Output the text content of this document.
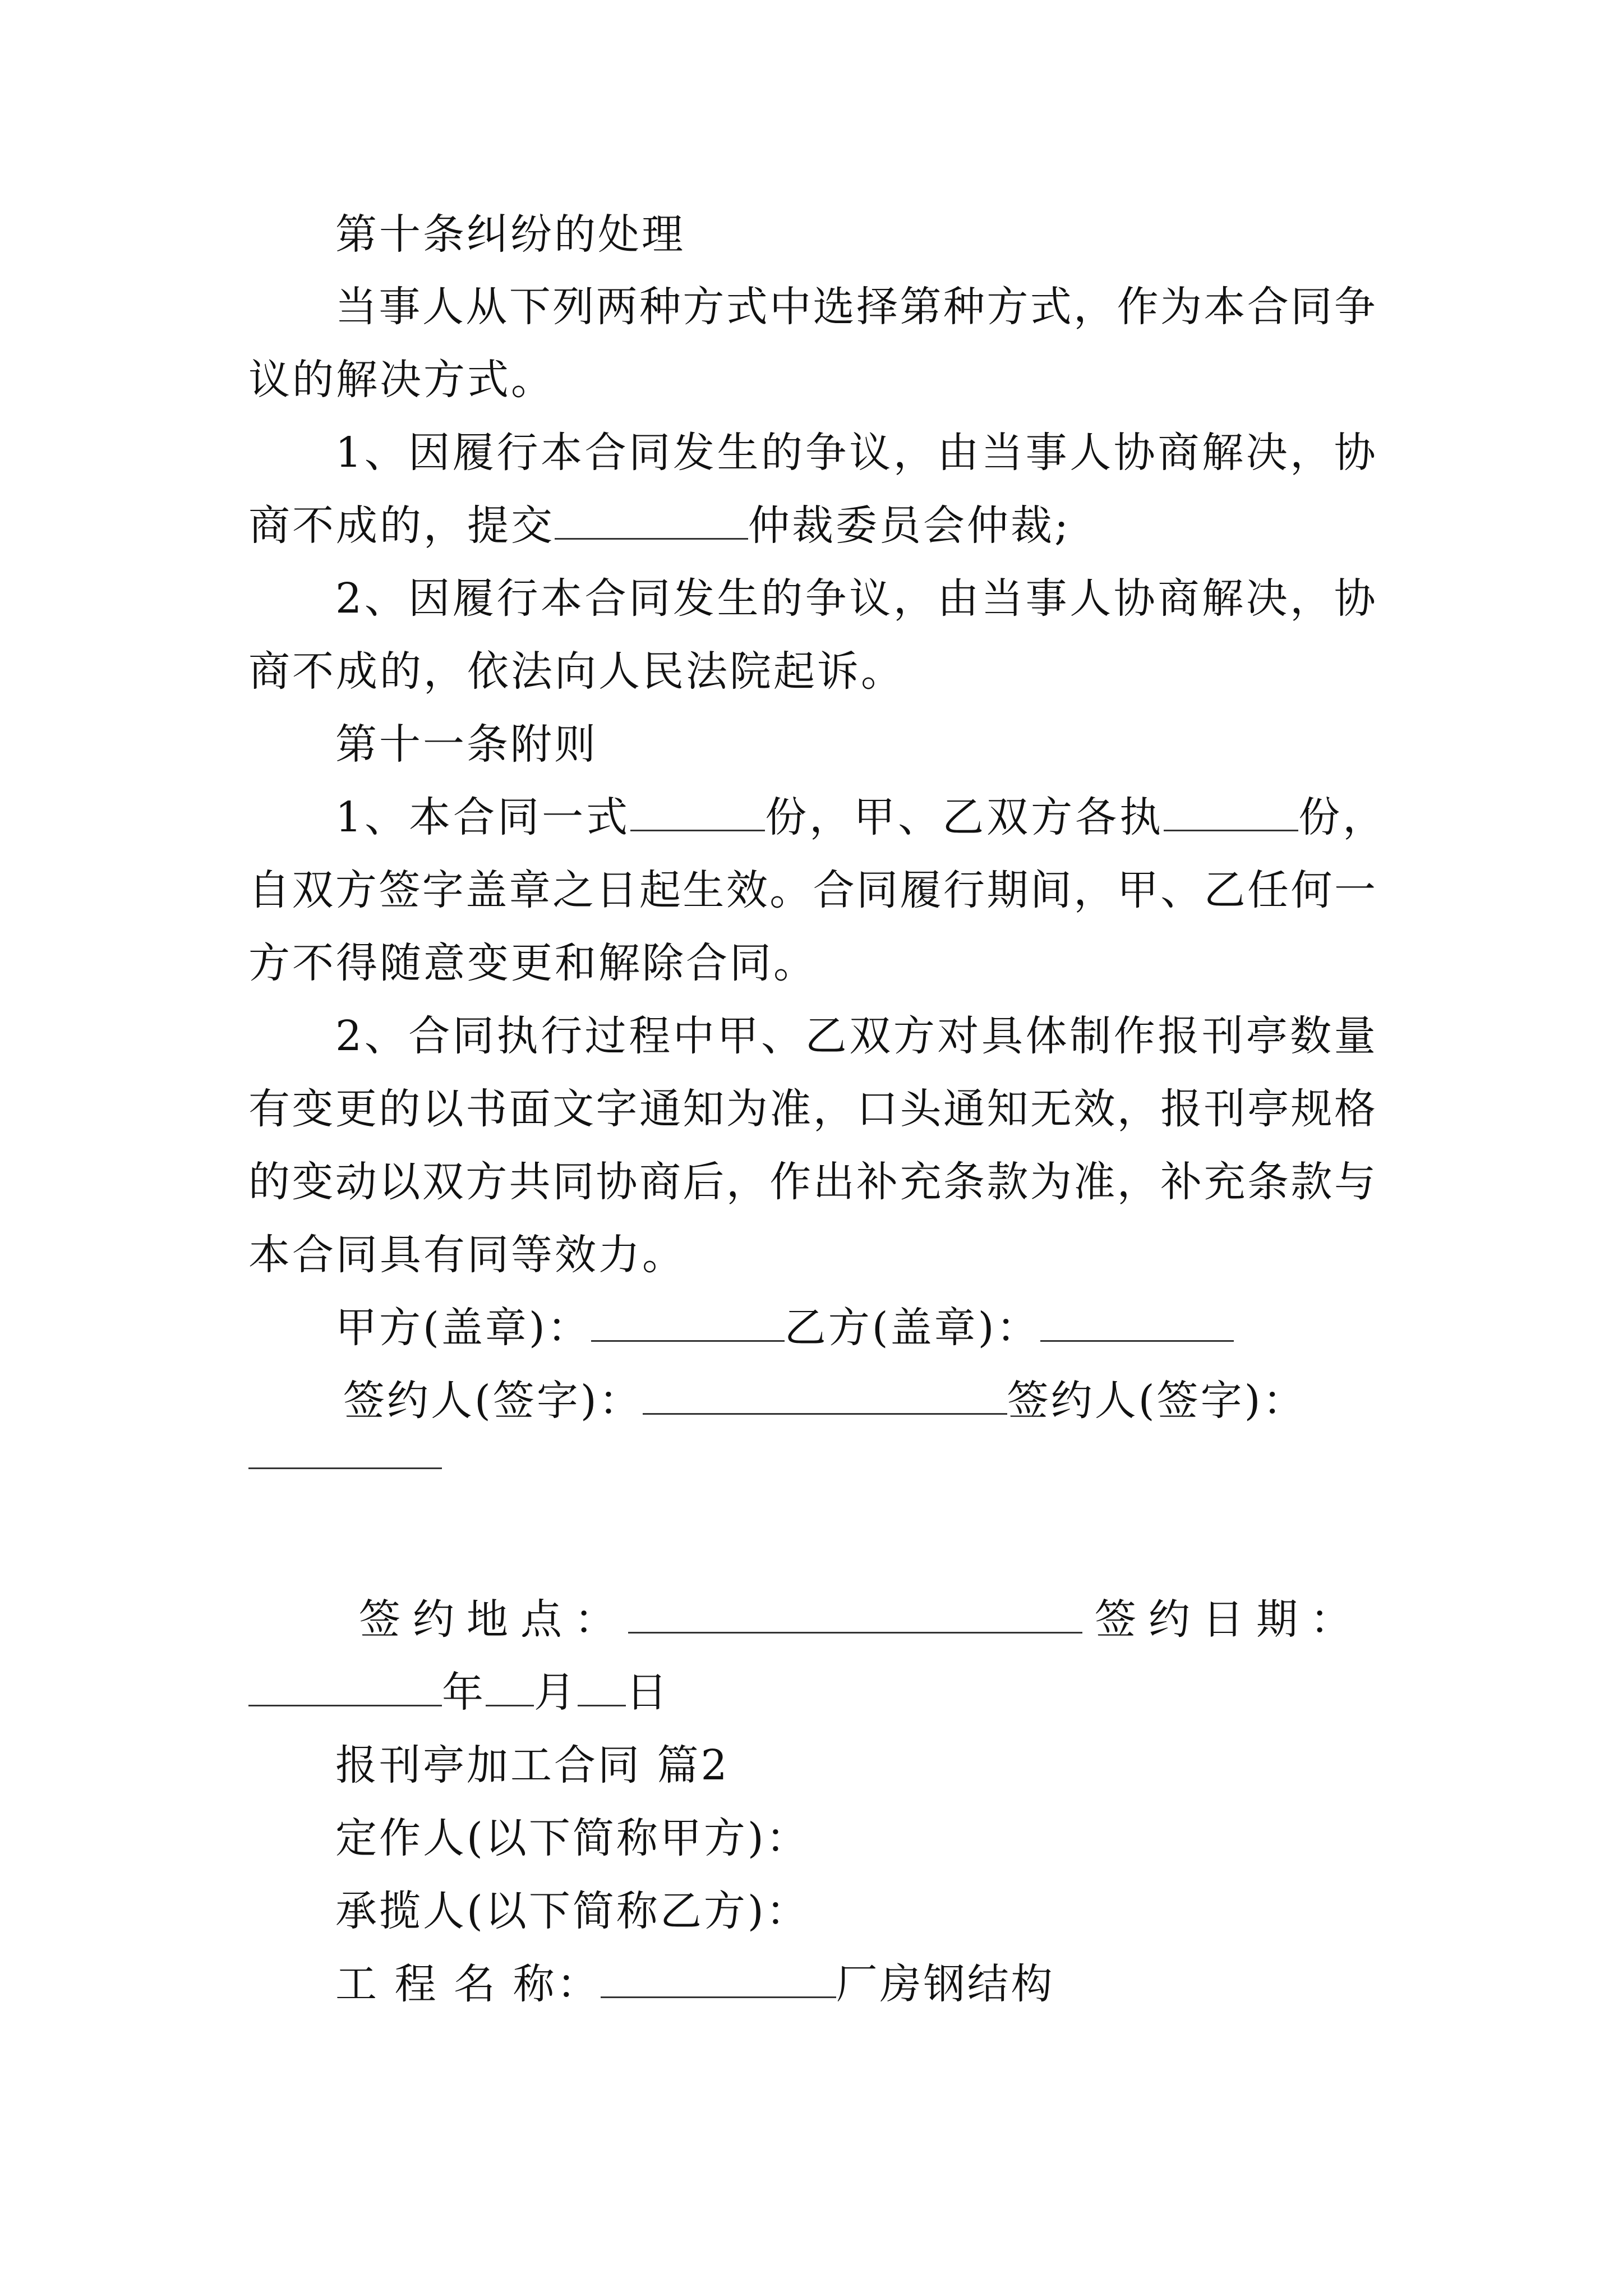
第十条纠纷的处理
当 事 人 从 下 列 两 种 方 式 中 选 择 第 种 方 式 ， 作 为 本 合 同 争
议的解决方式。
1 、 因 履 行 本 合 同 发 生 的 争 议 ， 由 当 事 人 协 商 解 决 ， 协
商不成的，提交	仲裁委员会仲裁;
2 、 因 履 行 本 合 同 发 生 的 争 议 ， 由 当 事 人 协 商 解 决 ， 协
商不成的，依法向人民法院起诉。
第十一条附则
1、本合同一式	份，甲、乙双方各执	份，
自 双 方 签 字 盖 章 之 日 起 生 效 。 合 同 履 行 期 间 ， 甲 、 乙 任 何 一
方不得随意变更和解除合同。
2 、 合 同 执 行 过 程 中 甲 、 乙 双 方 对 具 体 制 作 报 刊 亭 数 量
有 变 更 的 以 书 面 文 字 通 知 为 准 ， 口 头 通 知 无 效 ， 报 刊 亭 规 格
的 变 动 以 双 方 共 同 协 商 后 ， 作 出 补 充 条 款 为 准 ， 补 充 条 款 与
本合同具有同等效力。
甲方(盖章)：	乙方(盖章)：
签约人(签字)：	签约人(签字)：
签约地点：	签约日期：
年 月 日
报刊亭加工合同 篇2
定作人(以下简称甲方)：
承揽人(以下简称乙方)：
工 程 名 称：	厂房钢结构
